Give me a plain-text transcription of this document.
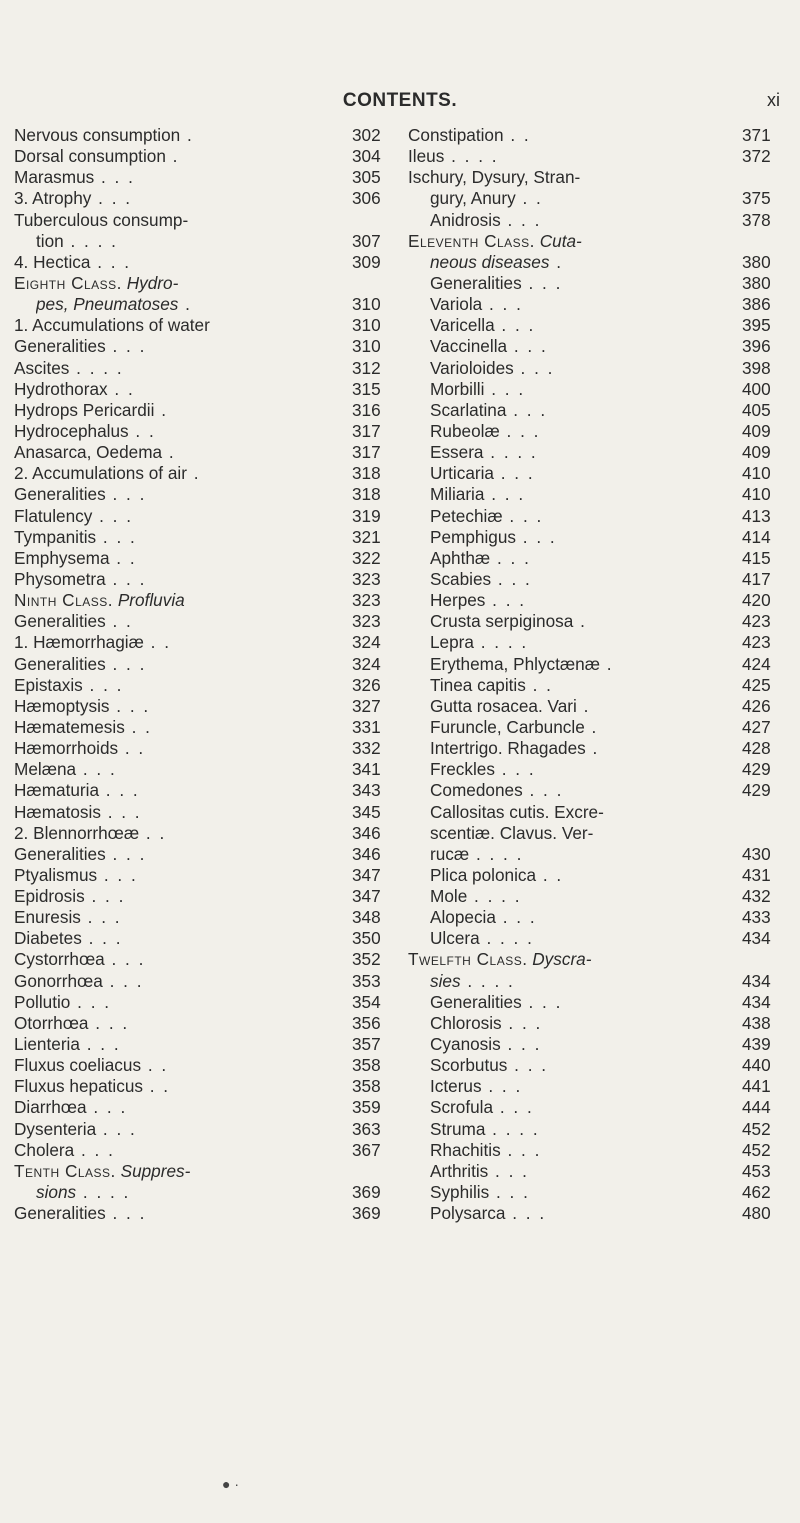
CONTENTS.	xi
Nervous consumption .	302
Dorsal consumption .	304
Marasmus . . .	305
3. Atrophy . . .	306
Tuberculous consump-
tion . . . .	307
4. Hectica . . .	309
Eighth Class. Hydro-
pes, Pneumatoses .	310
1. Accumulations of water	310
Generalities . . .	310
Ascites . . . .	312
Hydrothorax . .	315
Hydrops Pericardii .	316
Hydrocephalus . .	317
Anasarca, Oedema .	317
2. Accumulations of air .	318
Generalities . . .	318
Flatulency . . .	319
Tympanitis . . .	321
Emphysema . .	322
Physometra . . .	323
Ninth Class. Profluvia	323
Generalities . .	323
1. Hæmorrhagiæ . .	324
Generalities . . .	324
Epistaxis . . .	326
Hæmoptysis . . .	327
Hæmatemesis . .	331
Hæmorrhoids . .	332
Melæna . . .	341
Hæmaturia . . .	343
Hæmatosis . . .	345
2. Blennorrhœæ . .	346
Generalities . . .	346
Ptyalismus . . .	347
Epidrosis . . .	347
Enuresis . . .	348
Diabetes . . .	350
Cystorrhœa . . .	352
Gonorrhœa . . .	353
Pollutio . . .	354
Otorrhœa . . .	356
Lienteria . . .	357
Fluxus coeliacus . .	358
Fluxus hepaticus . .	358
Diarrhœa . . .	359
Dysenteria . . .	363
Cholera . . .	367
Tenth Class. Suppres-
sions . . . .	369
Generalities . . .	369
Constipation . .	371
Ileus . . . .	372
Ischury, Dysury, Stran-
gury, Anury . .	375
Anidrosis . . .	378
Eleventh Class. Cuta-
neous diseases .	380
Generalities . . .	380
Variola . . .	386
Varicella . . .	395
Vaccinella . . .	396
Varioloides . . .	398
Morbilli . . .	400
Scarlatina . . .	405
Rubeolæ . . .	409
Essera . . . .	409
Urticaria . . .	410
Miliaria . . .	410
Petechiæ . . .	413
Pemphigus . . .	414
Aphthæ . . .	415
Scabies . . .	417
Herpes . . .	420
Crusta serpiginosa .	423
Lepra . . . .	423
Erythema, Phlyctænæ .	424
Tinea capitis . .	425
Gutta rosacea. Vari .	426
Furuncle, Carbuncle .	427
Intertrigo. Rhagades .	428
Freckles . . .	429
Comedones . . .	429
Callositas cutis. Excre-
scentiæ. Clavus. Ver-
rucæ . . . .	430
Plica polonica . .	431
Mole . . . .	432
Alopecia . . .	433
Ulcera . . . .	434
Twelfth Class. Dyscra-
sies . . . .	434
Generalities . . .	434
Chlorosis . . .	438
Cyanosis . . .	439
Scorbutus . . .	440
Icterus . . .	441
Scrofula . . .	444
Struma . . . .	452
Rhachitis . . .	452
Arthritis . . .	453
Syphilis . . .	462
Polysarca . . .	480
● ·
